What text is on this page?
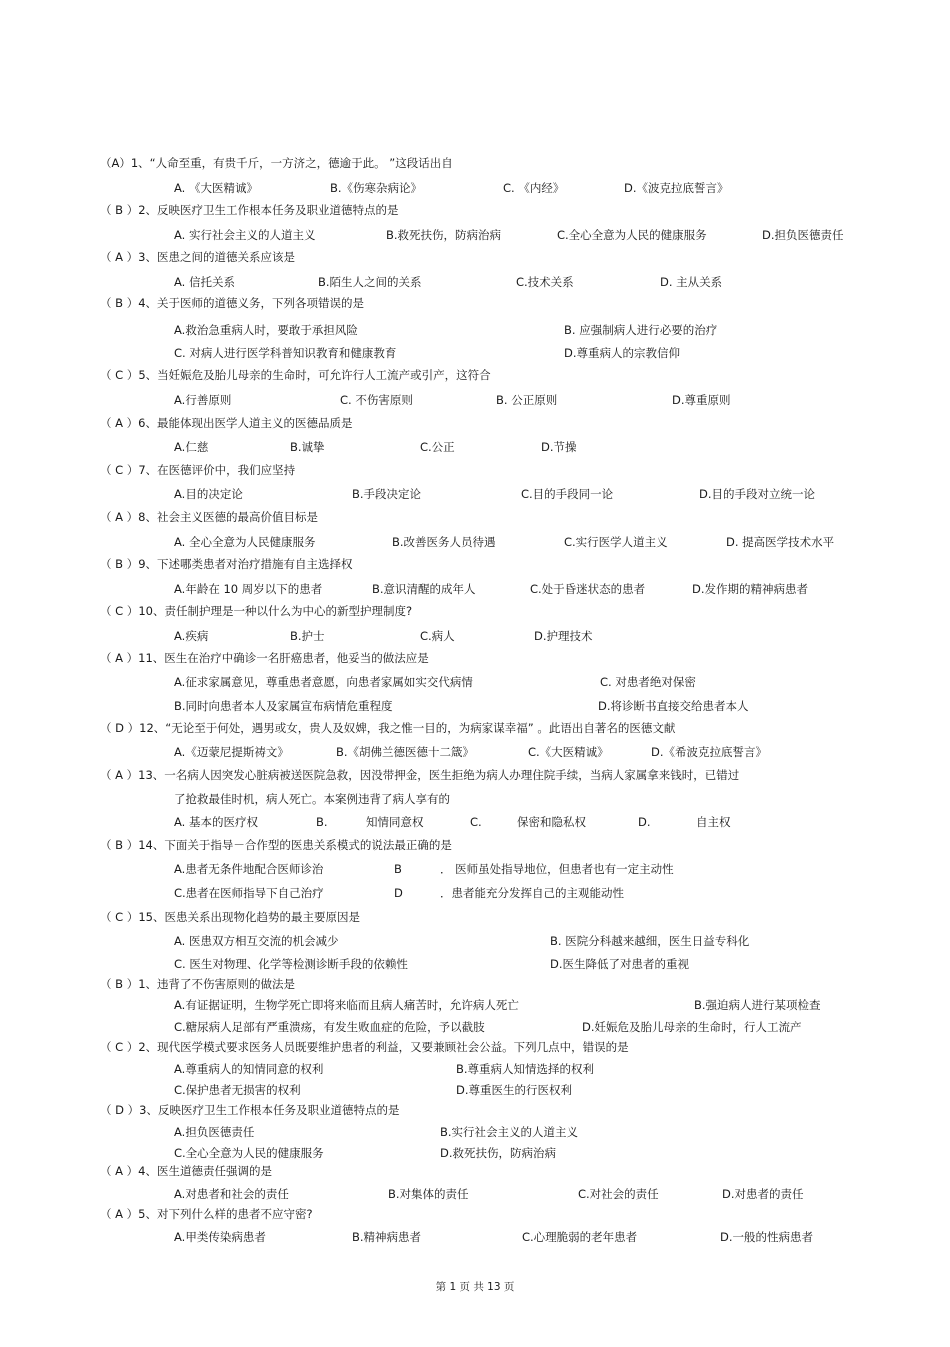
（A）1、“人命至重，有贵千斤，一方济之，德逾于此。 ”这段话出自
A. 《大医精诚》	B.《伤寒杂病论》	C. 《内经》	D.《波克拉底誓言》
（ B ）2、反映医疗卫生工作根本任务及职业道德特点的是
A. 实行社会主义的人道主义	B.救死扶伤，防病治病	C.全心全意为人民的健康服务	D.担负医德责任
（ A ）3、医患之间的道德关系应该是
A. 信托关系	B.陌生人之间的关系	C.技术关系	D. 主从关系
（ B ）4、关于医师的道德义务，下列各项错误的是
A.救治急重病人时，要敢于承担风险	B. 应强制病人进行必要的治疗
C. 对病人进行医学科普知识教育和健康教育	D.尊重病人的宗教信仰
（ C ）5、当妊娠危及胎儿母亲的生命时，可允许行人工流产或引产，这符合
A.行善原则	C. 不伤害原则	B. 公正原则	D.尊重原则
（ A ）6、最能体现出医学人道主义的医德品质是
A.仁慈	B.诚挚	C.公正	D.节操
（ C ）7、在医德评价中，我们应坚持
A.目的决定论	B.手段决定论	C.目的手段同一论	D.目的手段对立统一论
（ A ）8、社会主义医德的最高价值目标是
A. 全心全意为人民健康服务	B.改善医务人员待遇	C.实行医学人道主义	D. 提高医学技术水平
（ B ）9、下述哪类患者对治疗措施有自主选择权
A.年龄在 10 周岁以下的患者	B.意识清醒的成年人	C.处于昏迷状态的患者	D.发作期的精神病患者
（ C ）10、责任制护理是一种以什么为中心的新型护理制度?
A.疾病	B.护士	C.病人	D.护理技术
（ A ）11、医生在治疗中确诊一名肝癌患者，他妥当的做法应是
A.征求家属意见，尊重患者意愿，向患者家属如实交代病情	C. 对患者绝对保密
B.同时向患者本人及家属宣布病情危重程度	D.将诊断书直接交给患者本人
（ D ）12、“无论至于何处，遇男或女，贵人及奴婢，我之惟一目的，为病家谋幸福” 。此语出自著名的医德文献
A.《迈蒙尼提斯祷文》	B.《胡佛兰德医德十二箴》	C.《大医精诚》	D.《希波克拉底誓言》
（ A ）13、一名病人因突发心脏病被送医院急救，因没带押金，医生拒绝为病人办理住院手续，当病人家属拿来钱时，已错过
了抢救最佳时机，病人死亡。本案例违背了病人享有的
A. 基本的医疗权	B.	知情同意权	C.	保密和隐私权	D.	自主权
（ B ）14、下面关于指导－合作型的医患关系模式的说法最正确的是
A.患者无条件地配合医师诊治	B	． 医师虽处指导地位，但患者也有一定主动性
C.患者在医师指导下自己治疗	D	．患者能充分发挥自己的主观能动性
（ C ）15、医患关系出现物化趋势的最主要原因是
A. 医患双方相互交流的机会减少	B. 医院分科越来越细，医生日益专科化
C. 医生对物理、化学等检测诊断手段的依赖性	D.医生降低了对患者的重视
（ B ）1、违背了不伤害原则的做法是
A.有证据证明，生物学死亡即将来临而且病人痛苦时，允许病人死亡	B.强迫病人进行某项检查
C.糖尿病人足部有严重溃疡，有发生败血症的危险，予以截肢	D.妊娠危及胎儿母亲的生命时，行人工流产
（ C ）2、现代医学模式要求医务人员既要维护患者的利益，又要兼顾社会公益。下列几点中，错误的是
A.尊重病人的知情同意的权利	B.尊重病人知情选择的权利
C.保护患者无损害的权利	D.尊重医生的行医权利
（ D ）3、反映医疗卫生工作根本任务及职业道德特点的是
A.担负医德责任	B.实行社会主义的人道主义
C.全心全意为人民的健康服务	D.救死扶伤，防病治病
（ A ）4、医生道德责任强调的是
A.对患者和社会的责任	B.对集体的责任	C.对社会的责任	D.对患者的责任
（ A ）5、对下列什么样的患者不应守密?
A.甲类传染病患者	B.精神病患者	C.心理脆弱的老年患者	D.一般的性病患者
第 1 页 共 13 页
